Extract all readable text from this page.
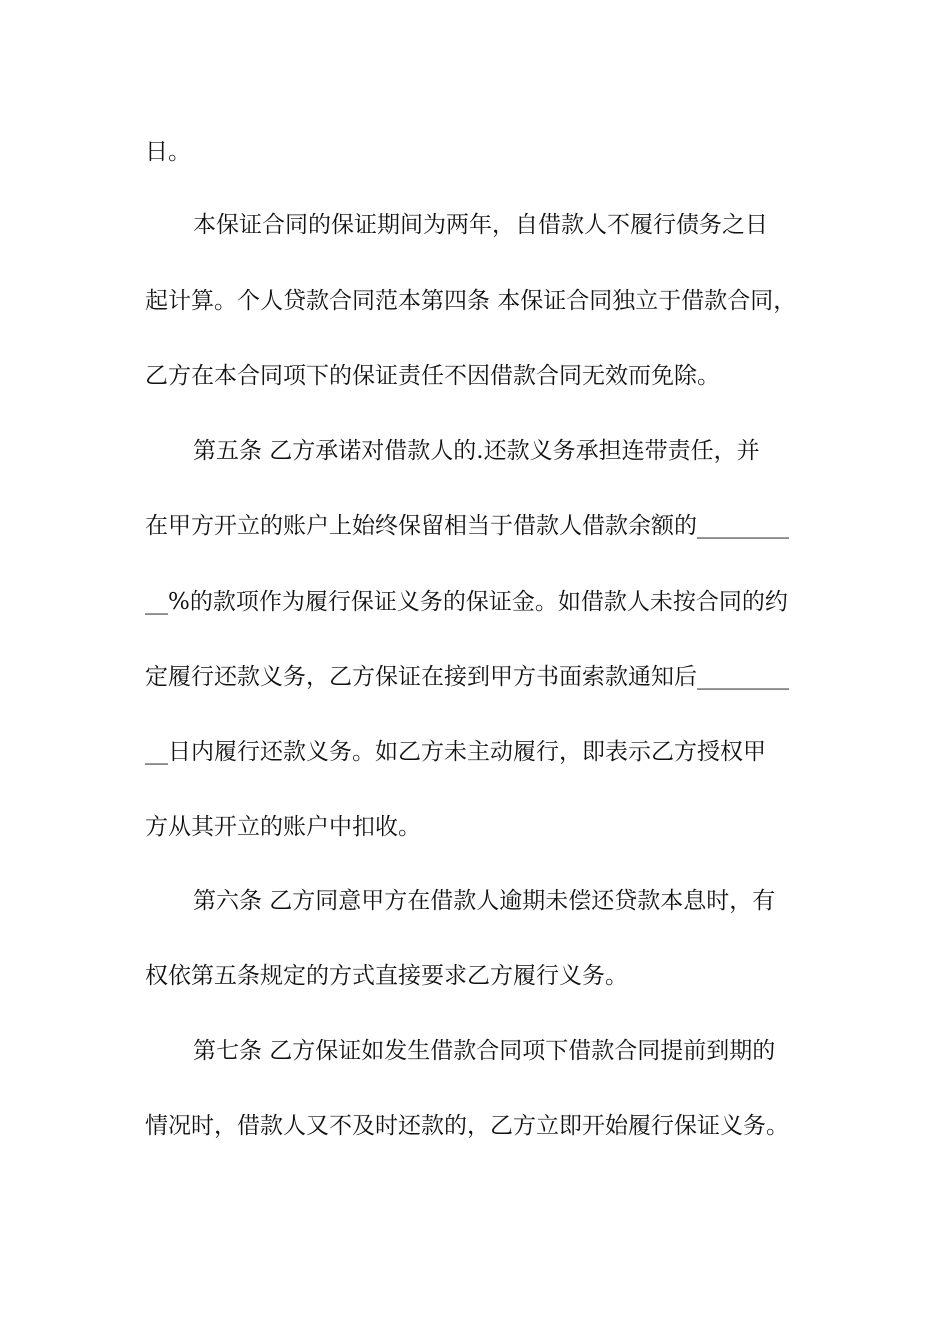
日。
本保证合同的保证期间为两年，自借款人不履行债务之日
起计算。个人贷款合同范本第四条 本保证合同独立于借款合同，
乙方在本合同项下的保证责任不因借款合同无效而免除。
第五条 乙方承诺对借款人的.还款义务承担连带责任，并
在甲方开立的账户上始终保留相当于借款人借款余额的________
__%的款项作为履行保证义务的保证金。如借款人未按合同的约
定履行还款义务，乙方保证在接到甲方书面索款通知后________
__日内履行还款义务。如乙方未主动履行，即表示乙方授权甲
方从其开立的账户中扣收。
第六条 乙方同意甲方在借款人逾期未偿还贷款本息时，有
权依第五条规定的方式直接要求乙方履行义务。
第七条 乙方保证如发生借款合同项下借款合同提前到期的
情况时，借款人又不及时还款的，乙方立即开始履行保证义务。
